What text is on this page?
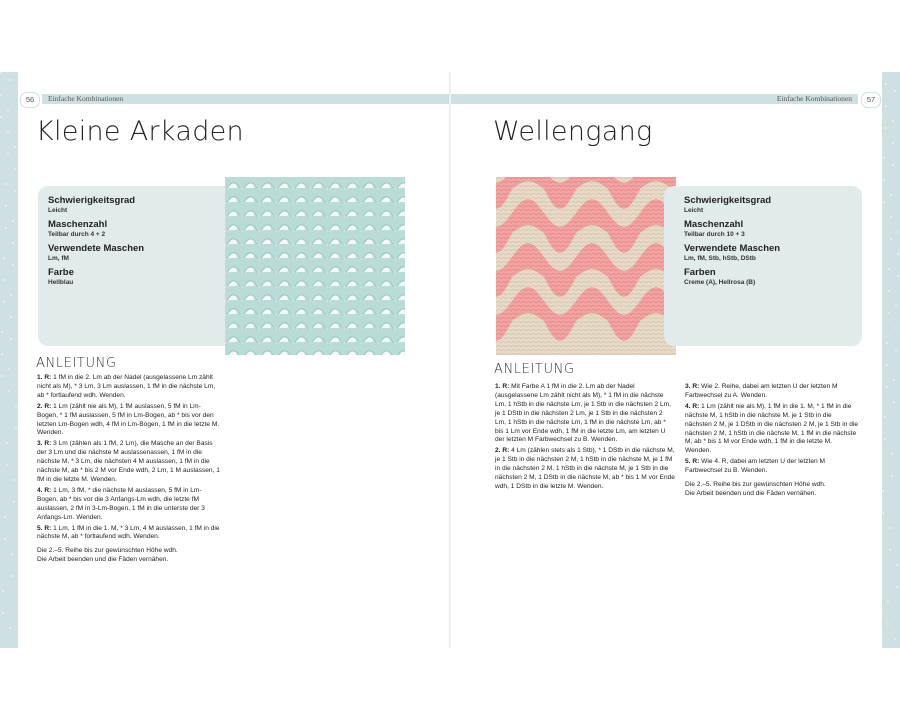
56	Einfache Kombinationen	Einfache Kombinationen	57
Kleine Arkaden
Schwierigkeitsgrad
Leicht
Maschenzahl
Teilbar durch 4 + 2
Verwendete Maschen
Lm, fM
Farbe
Hellblau
ANLEITUNG

1. R: 1 fM in die 2. Lm ab der Nadel (ausgelassene Lm zählt nicht als M), * 3 Lm, 3 Lm auslassen, 1 fM in die nächste Lm, ab * fortlaufend wdh. Wenden.

2. R: 1 Lm (zählt nie als M), 1 fM auslassen, 5 fM in Lm-Bogen, * 1 fM auslassen, 5 fM in Lm-Bogen, ab * bis vor den letzten Lm-Bogen wdh, 4 fM in Lm-Bogen, 1 fM in die letzte M. Wenden.

3. R: 3 Lm (zählen als 1 fM, 2 Lm), die Masche an der Basis der 3 Lm und die nächste M auslassenassen, 1 fM in die nächste M, * 3 Lm, die nächsten 4 M auslassen, 1 fM in die nächste M, ab * bis 2 M vor Ende wdh, 2 Lm, 1 M auslassen, 1 fM in die letzte M. Wenden.

4. R: 1 Lm, 3 fM, * die nächste M auslassen, 5 fM in Lm-Bogen, ab * bis vor die 3 Anfangs-Lm wdh, die letzte fM auslassen, 2 fM in 3-Lm-Bogen, 1 fM in die unterste der 3 Anfangs-Lm. Wenden.

5. R: 1 Lm, 1 fM in die 1. M, * 3 Lm, 4 M auslassen, 1 fM in die nächste M, ab * fortlaufend wdh. Wenden.

Die 2.–5. Reihe bis zur gewünschten Höhe wdh.
Die Arbeit beenden und die Fäden vernähen.
Wellengang
Schwierigkeitsgrad
Leicht
Maschenzahl
Teilbar durch 10 + 3
Verwendete Maschen
Lm, fM, Stb, hStb, DStb
Farben
Creme (A), Hellrosa (B)
ANLEITUNG

1. R: Mit Farbe A 1 fM in die 2. Lm ab der Nadel (ausgelassene Lm zählt nicht als M), * 1 fM in die nächste Lm, 1 hStb in die nächste Lm, je 1 Stb in die nächsten 2 Lm, je 1 DStb in die nächsten 2 Lm, je 1 Stb in die nächsten 2 Lm, 1 hStb in die nächste Lm, 1 fM in die nächste Lm, ab * bis 1 Lm vor Ende wdh, 1 fM in die letzte Lm, am letzten U der letzten M Farbwechsel zu B. Wenden.

2. R: 4 Lm (zählen stets als 1 Stb), * 1 DStb in die nächste M, je 1 Stb in die nächsten 2 M, 1 hStb in die nächste M, je 1 fM in die nächsten 2 M, 1 hStb in die nächste M, je 1 Stb in die nächsten 2 M, 1 DStb in die nächste M, ab * bis 1 M vor Ende wdh, 1 DStb in die letzte M. Wenden.

3. R: Wie 2. Reihe, dabei am letzten U der letzten M Farbwechsel zu A. Wenden.

4. R: 1 Lm (zählt nie als M), 1 fM in die 1. M, * 1 fM in die nächste M, 1 hStb in die nächste M, je 1 Stb in die nächsten 2 M, je 1 DStb in die nächsten 2 M, je 1 Stb in die nächsten 2 M, 1 hStb in die nächste M, 1 fM in die nächste M, ab * bis 1 M vor Ende wdh, 1 fM in die letzte M. Wenden.

5. R: Wie 4. R, dabei am letzten U der letzten M Farbwechsel zu B. Wenden.

Die 2.–5. Reihe bis zur gewünschten Höhe wdh.
Die Arbeit beenden und die Fäden vernähen.
